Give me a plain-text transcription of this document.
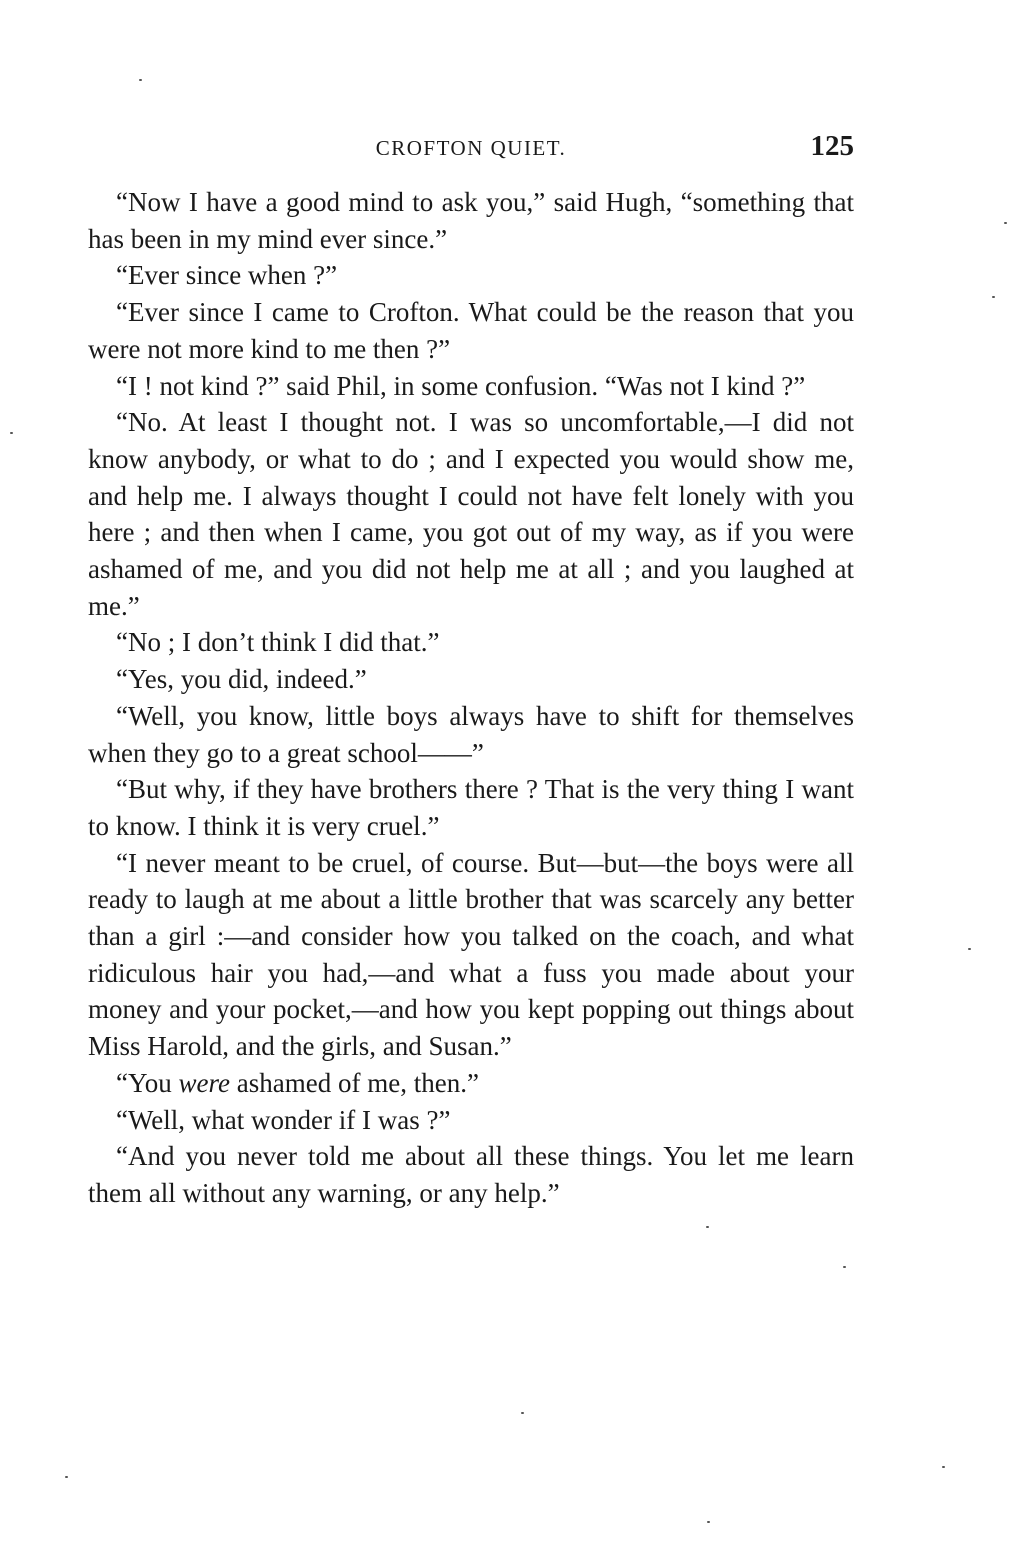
CROFTON QUIET.	125

“Now I have a good mind to ask you,” said Hugh, “something that has been in my mind ever since.”

“Ever since when ?”

“Ever since I came to Crofton. What could be the reason that you were not more kind to me then ?”

“I ! not kind ?” said Phil, in some confusion. “Was not I kind ?”

“No. At least I thought not. I was so uncomfortable,—I did not know anybody, or what to do ; and I expected you would show me, and help me. I always thought I could not have felt lonely with you here ; and then when I came, you got out of my way, as if you were ashamed of me, and you did not help me at all ; and you laughed at me.”

“No ; I don’t think I did that.”

“Yes, you did, indeed.”

“Well, you know, little boys always have to shift for themselves when they go to a great school——”

“But why, if they have brothers there ? That is the very thing I want to know. I think it is very cruel.”

“I never meant to be cruel, of course. But—but—the boys were all ready to laugh at me about a little brother that was scarcely any better than a girl :—and consider how you talked on the coach, and what ridiculous hair you had,—and what a fuss you made about your money and your pocket,—and how you kept popping out things about Miss Harold, and the girls, and Susan.”

“You were ashamed of me, then.”

“Well, what wonder if I was ?”

“And you never told me about all these things. You let me learn them all without any warning, or any help.”
